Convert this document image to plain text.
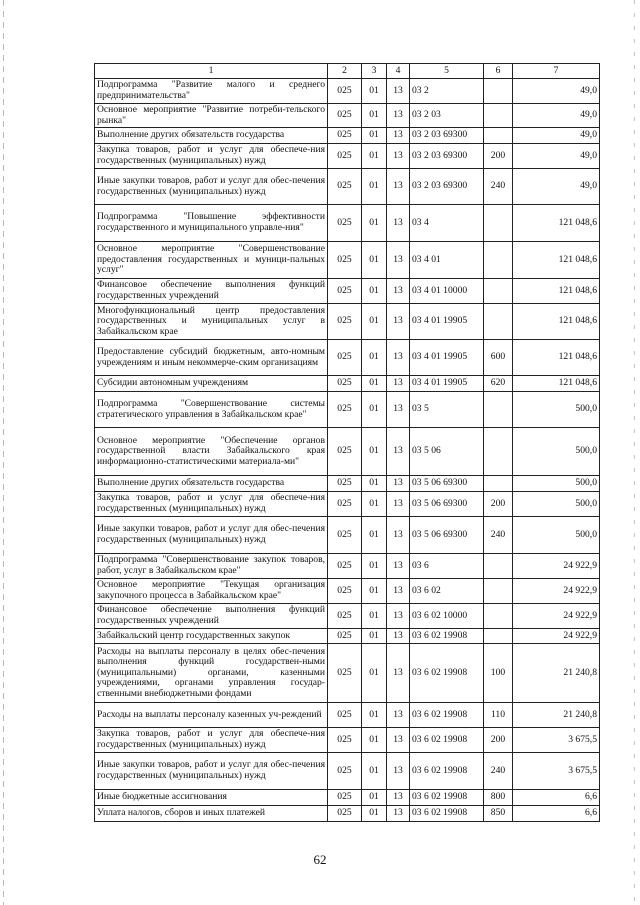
1	2	3	4	5	6	7
Подпрограмма "Развитие малого и среднего предпринимательства"	025	01	13	03 2		49,0
Основное мероприятие "Развитие потреби-тельского рынка"	025	01	13	03 2 03		49,0
Выполнение других обязательств государства	025	01	13	03 2 03 69300		49,0
Закупка товаров, работ и услуг для обеспече-ния государственных (муниципальных) нужд	025	01	13	03 2 03 69300	200	49,0
Иные закупки товаров, работ и услуг для обес-печения государственных (муниципальных) нужд	025	01	13	03 2 03 69300	240	49,0
Подпрограмма "Повышение эффективности государственного и муниципального управле-ния"	025	01	13	03 4		121 048,6
Основное мероприятие "Совершенствование предоставления государственных и муници-пальных услуг"	025	01	13	03 4 01		121 048,6
Финансовое обеспечение выполнения функций государственных учреждений	025	01	13	03 4 01 10000		121 048,6
Многофункциональный центр предоставления государственных и муниципальных услуг в Забайкальском крае	025	01	13	03 4 01 19905		121 048,6
Предоставление субсидий бюджетным, авто-номным учреждениям и иным некоммерче-ским организациям	025	01	13	03 4 01 19905	600	121 048,6
Субсидии автономным учреждениям	025	01	13	03 4 01 19905	620	121 048,6
Подпрограмма "Совершенствование системы стратегического управления в Забайкальском крае"	025	01	13	03 5		500,0
Основное мероприятие "Обеспечение органов государственной власти Забайкальского края информационно-статистическими материала-ми"	025	01	13	03 5 06		500,0
Выполнение других обязательств государства	025	01	13	03 5 06 69300		500,0
Закупка товаров, работ и услуг для обеспече-ния государственных (муниципальных) нужд	025	01	13	03 5 06 69300	200	500,0
Иные закупки товаров, работ и услуг для обес-печения государственных (муниципальных) нужд	025	01	13	03 5 06 69300	240	500,0
Подпрограмма "Совершенствование закупок товаров, работ, услуг в Забайкальском крае"	025	01	13	03 6		24 922,9
Основное мероприятие "Текущая организация закупочного процесса в Забайкальском крае"	025	01	13	03 6 02		24 922,9
Финансовое обеспечение выполнения функций государственных учреждений	025	01	13	03 6 02 10000		24 922,9
Забайкальский центр государственных закупок	025	01	13	03 6 02 19908		24 922,9
Расходы на выплаты персоналу в целях обес-печения выполнения функций государствен-ными (муниципальными) органами, казенными учреждениями, органами управления государ-ственными внебюджетными фондами	025	01	13	03 6 02 19908	100	21 240,8
Расходы на выплаты персоналу казенных уч-реждений	025	01	13	03 6 02 19908	110	21 240,8
Закупка товаров, работ и услуг для обеспече-ния государственных (муниципальных) нужд	025	01	13	03 6 02 19908	200	3 675,5
Иные закупки товаров, работ и услуг для обес-печения государственных (муниципальных) нужд	025	01	13	03 6 02 19908	240	3 675,5
Иные бюджетные ассигнования	025	01	13	03 6 02 19908	800	6,6
Уплата налогов, сборов и иных платежей	025	01	13	03 6 02 19908	850	6,6
62
